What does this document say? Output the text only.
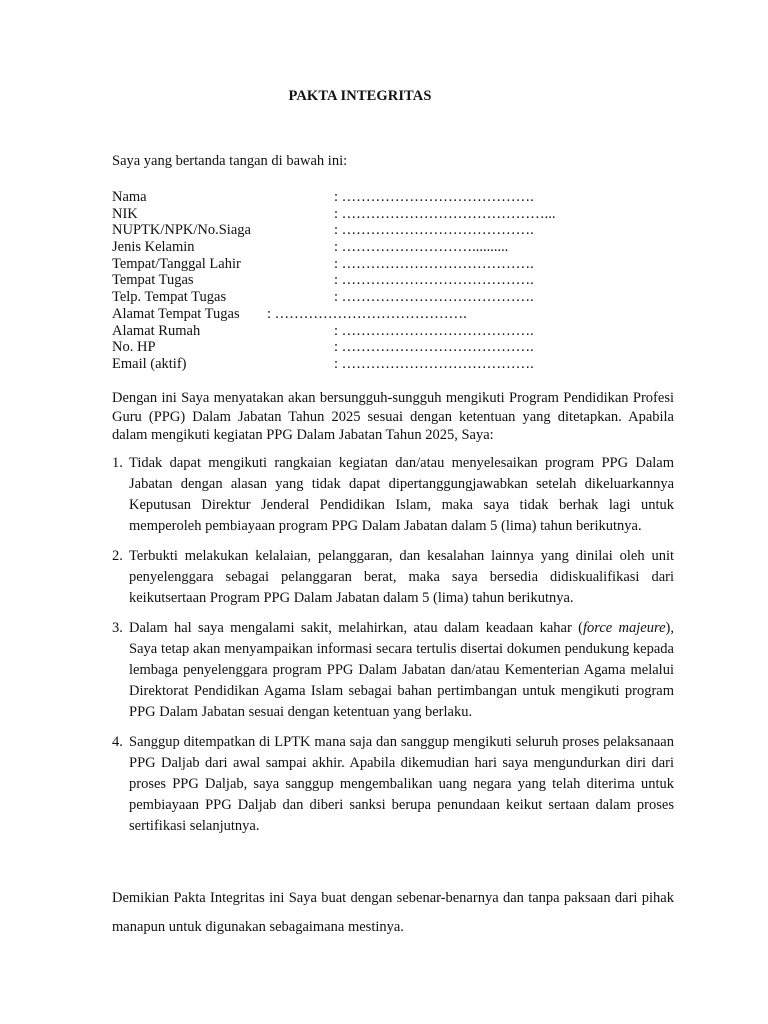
PAKTA INTEGRITAS
Saya yang bertanda tangan di bawah ini:
Nama	: ………………………………….
NIK	: ……………………………………...
NUPTK/NPK/No.Siaga	: ………………………………….
Jenis Kelamin	: ………………………..........
Tempat/Tanggal Lahir	: ………………………………….
Tempat Tugas	: ………………………………….
Telp. Tempat Tugas	: ………………………………….
Alamat Tempat Tugas : ………………………………….
Alamat Rumah	: ………………………………….
No. HP	: ………………………………….
Email (aktif)	: ………………………………….
Dengan ini Saya menyatakan akan bersungguh-sungguh mengikuti Program Pendidikan Profesi Guru (PPG) Dalam Jabatan Tahun 2025 sesuai dengan ketentuan yang ditetapkan. Apabila dalam mengikuti kegiatan PPG Dalam Jabatan Tahun 2025, Saya:
1. Tidak dapat mengikuti rangkaian kegiatan dan/atau menyelesaikan program PPG Dalam Jabatan dengan alasan yang tidak dapat dipertanggungjawabkan setelah dikeluarkannya Keputusan Direktur Jenderal Pendidikan Islam, maka saya tidak berhak lagi untuk memperoleh pembiayaan program PPG Dalam Jabatan dalam 5 (lima) tahun berikutnya.
2. Terbukti melakukan kelalaian, pelanggaran, dan kesalahan lainnya yang dinilai oleh unit penyelenggara sebagai pelanggaran berat, maka saya bersedia didiskualifikasi dari keikutsertaan Program PPG Dalam Jabatan dalam 5 (lima) tahun berikutnya.
3. Dalam hal saya mengalami sakit, melahirkan, atau dalam keadaan kahar (force majeure), Saya tetap akan menyampaikan informasi secara tertulis disertai dokumen pendukung kepada lembaga penyelenggara program PPG Dalam Jabatan dan/atau Kementerian Agama melalui Direktorat Pendidikan Agama Islam sebagai bahan pertimbangan untuk mengikuti program PPG Dalam Jabatan sesuai dengan ketentuan yang berlaku.
4. Sanggup ditempatkan di LPTK mana saja dan sanggup mengikuti seluruh proses pelaksanaan PPG Daljab dari awal sampai akhir. Apabila dikemudian hari saya mengundurkan diri dari proses PPG Daljab, saya sanggup mengembalikan uang negara yang telah diterima untuk pembiayaan PPG Daljab dan diberi sanksi berupa penundaan keikut sertaan dalam proses sertifikasi selanjutnya.
Demikian Pakta Integritas ini Saya buat dengan sebenar-benarnya dan tanpa paksaan dari pihak manapun untuk digunakan sebagaimana mestinya.
